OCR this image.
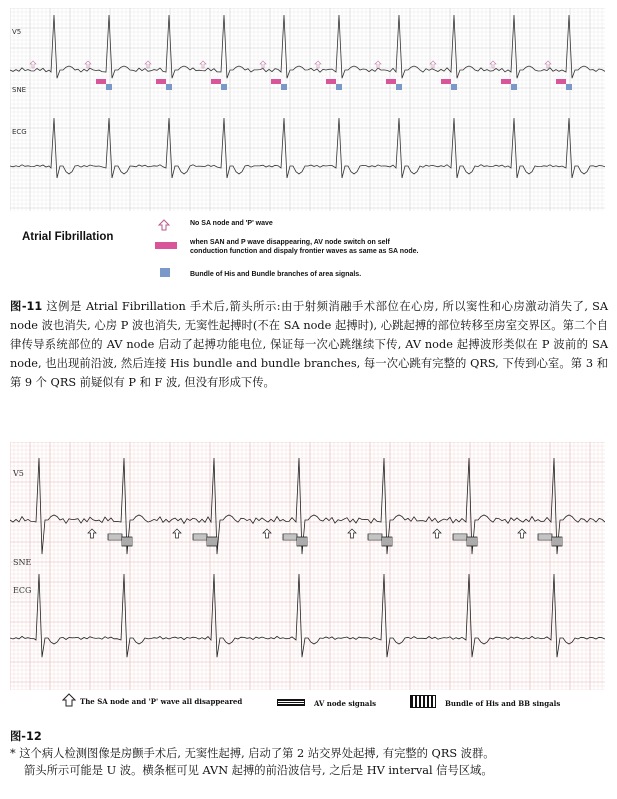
V5
SNE
ECG
Atrial Fibrillation
No SA node and 'P' wave
when SAN and P wave disappearing, AV node switch on self
conduction function and dispaly frontier waves as same as SA node.
Bundle of His and Bundle branches of area signals.
图-11 这例是 Atrial Fibrillation 手术后,箭头所示:由于射频消融手术部位在心房, 所以窦性和心房激动消失了, SA node 波也消失, 心房 P 波也消失, 无窦性起搏时(不在 SA node 起搏时), 心跳起搏的部位转移至房室交界区。第二个自律传导系统部位的 AV node 启动了起搏功能电位, 保证每一次心跳继续下传, AV node 起搏波形类似在 P 波前的 SA node, 也出现前沿波, 然后连接 His bundle and bundle branches, 每一次心跳有完整的 QRS, 下传到心室。第 3 和第 9 个 QRS 前疑似有 P 和 F 波, 但没有形成下传。
V5
SNE
ECG
The SA node and 'P' wave all disappeared	AV node signals	Bundle of His and BB singals
图-12
* 这个病人检测图像是房颤手术后, 无窦性起搏, 启动了第 2 站交界处起搏, 有完整的 QRS 波群。
箭头所示可能是 U 波。横条框可见 AVN 起搏的前沿波信号, 之后是 HV interval 信号区域。
